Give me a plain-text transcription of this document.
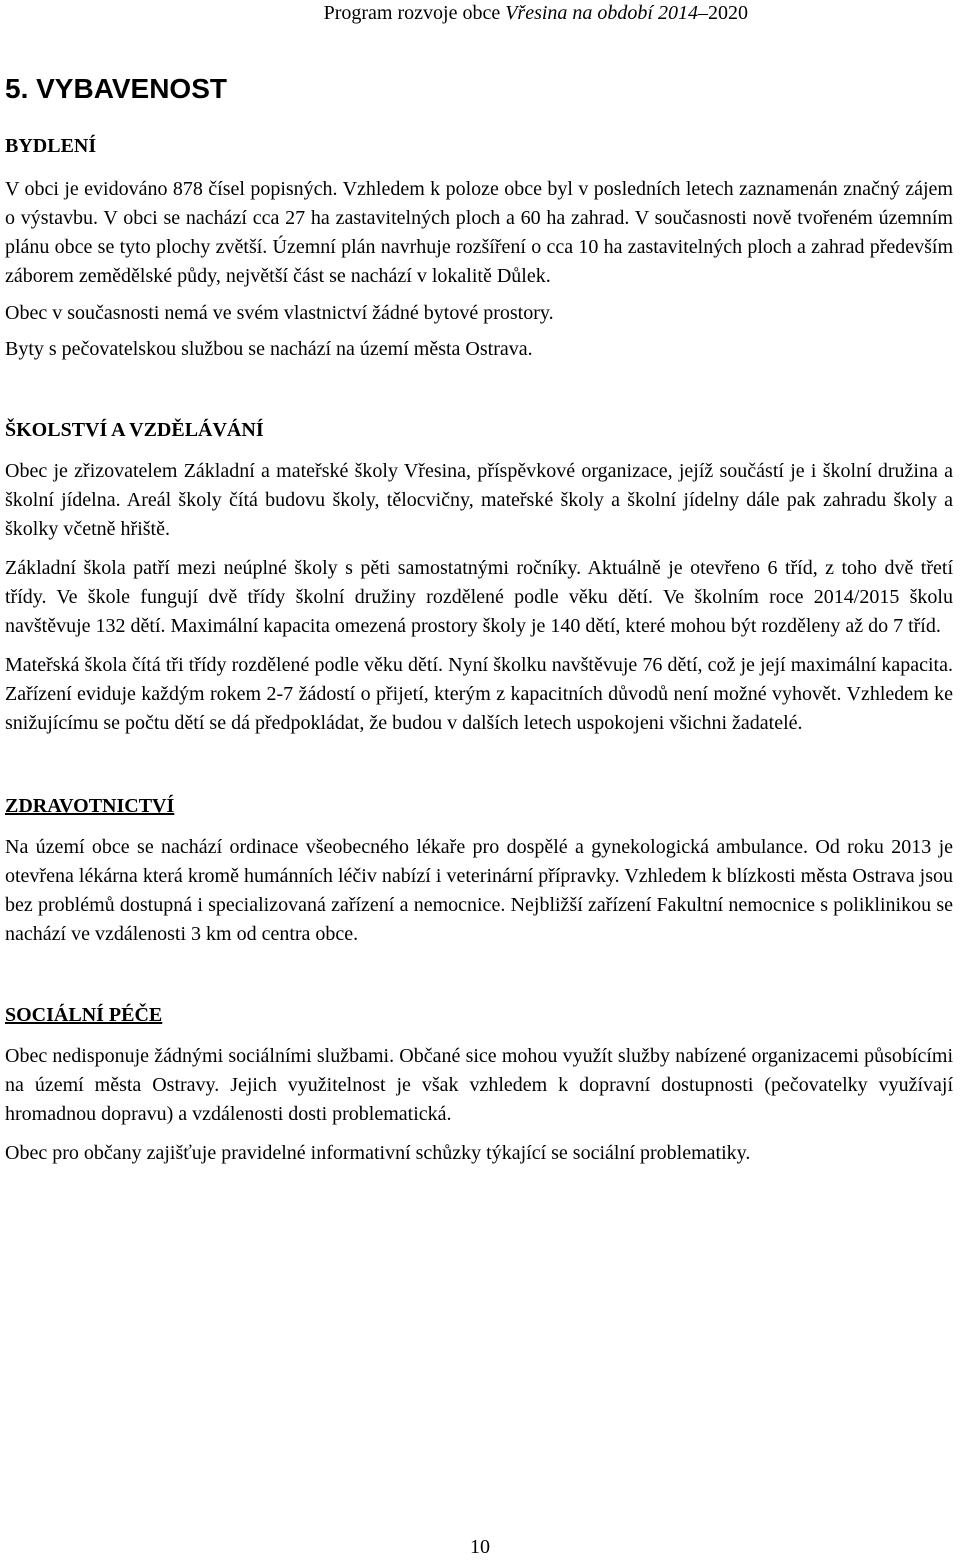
Program rozvoje obce Vřesina na období 2014–2020
5. VYBAVENOST
BYDLENÍ

V obci je evidováno 878 čísel popisných. Vzhledem k poloze obce byl v posledních letech zaznamenán značný zájem o výstavbu. V obci se nachází cca 27 ha zastavitelných ploch a 60 ha zahrad. V současnosti nově tvořeném územním plánu obce se tyto plochy zvětší. Územní plán navrhuje rozšíření o cca 10 ha zastavitelných ploch a zahrad především záborem zemědělské půdy, největší část se nachází v lokalitě Důlek.

Obec v současnosti nemá ve svém vlastnictví žádné bytové prostory.

Byty s pečovatelskou službou se nachází na území města Ostrava.

ŠKOLSTVÍ A VZDĚLÁVÁNÍ

Obec je zřizovatelem Základní a mateřské školy Vřesina, příspěvkové organizace, jejíž součástí je i školní družina a školní jídelna. Areál školy čítá budovu školy, tělocvičny, mateřské školy a školní jídelny dále pak zahradu školy a školky včetně hřiště.

Základní škola patří mezi neúplné školy s pěti samostatnými ročníky. Aktuálně je otevřeno 6 tříd, z toho dvě třetí třídy. Ve škole fungují dvě třídy školní družiny rozdělené podle věku dětí. Ve školním roce 2014/2015 školu navštěvuje 132 dětí. Maximální kapacita omezená prostory školy je 140 dětí, které mohou být rozděleny až do 7 tříd.

Mateřská škola čítá tři třídy rozdělené podle věku dětí. Nyní školku navštěvuje 76 dětí, což je její maximální kapacita. Zařízení eviduje každým rokem 2-7 žádostí o přijetí, kterým z kapacitních důvodů není možné vyhovět. Vzhledem ke snižujícímu se počtu dětí se dá předpokládat, že budou v dalších letech uspokojeni všichni žadatelé.

ZDRAVOTNICTVÍ

Na území obce se nachází ordinace všeobecného lékaře pro dospělé a gynekologická ambulance. Od roku 2013 je otevřena lékárna která kromě humánních léčiv nabízí i veterinární přípravky. Vzhledem k blízkosti města Ostrava jsou bez problémů dostupná i specializovaná zařízení a nemocnice. Nejbližší zařízení Fakultní nemocnice s poliklinikou se nachází ve vzdálenosti 3 km od centra obce.

SOCIÁLNÍ PÉČE

Obec nedisponuje žádnými sociálními službami. Občané sice mohou využít služby nabízené organizacemi působícími na území města Ostravy. Jejich využitelnost je však vzhledem k dopravní dostupnosti (pečovatelky využívají hromadnou dopravu) a vzdálenosti dosti problematická.

Obec pro občany zajišťuje pravidelné informativní schůzky týkající se sociální problematiky.

10
